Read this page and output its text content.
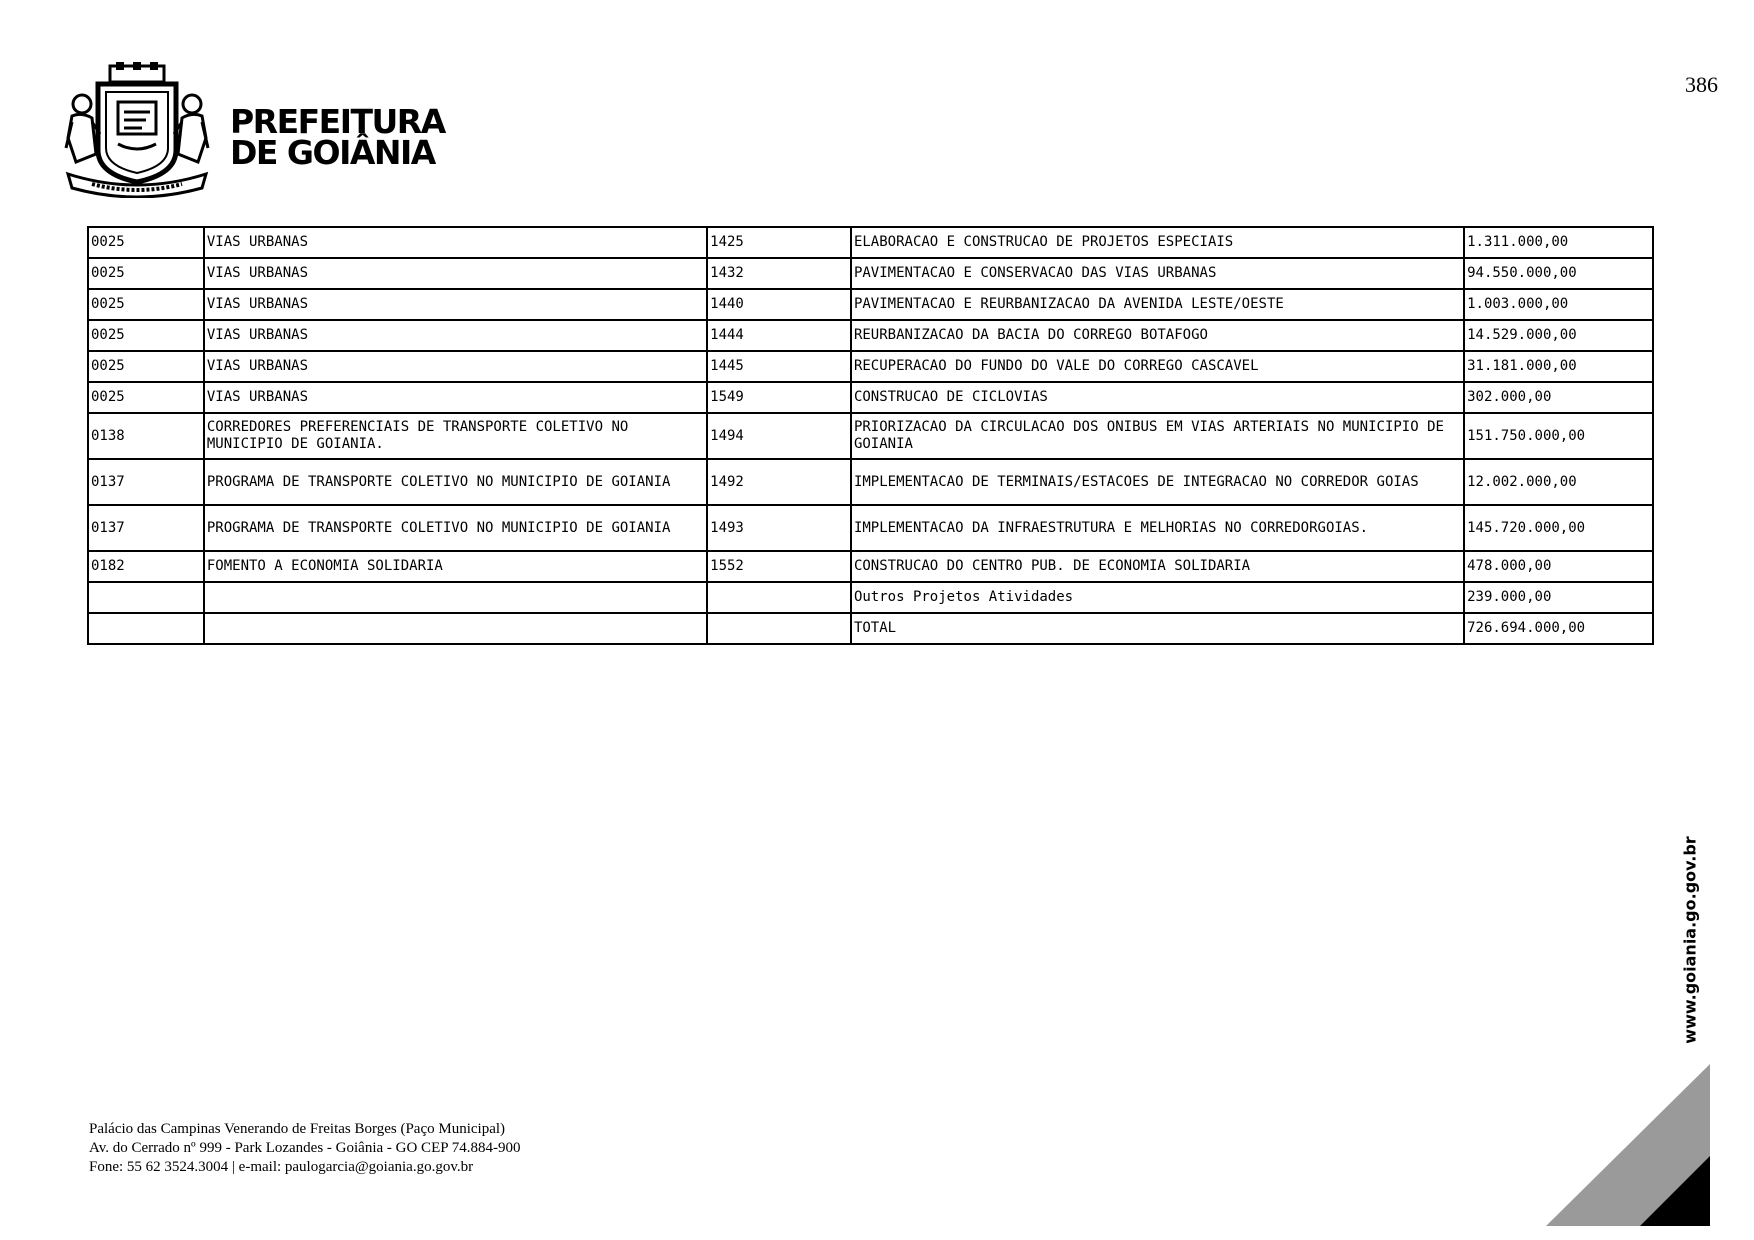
386
PREFEITURA
DE GOIÂNIA
0025	VIAS URBANAS	1425	ELABORACAO E CONSTRUCAO DE PROJETOS ESPECIAIS	1.311.000,00
0025	VIAS URBANAS	1432	PAVIMENTACAO E CONSERVACAO DAS VIAS URBANAS	94.550.000,00
0025	VIAS URBANAS	1440	PAVIMENTACAO E REURBANIZACAO DA AVENIDA LESTE/OESTE	1.003.000,00
0025	VIAS URBANAS	1444	REURBANIZACAO DA BACIA DO CORREGO BOTAFOGO	14.529.000,00
0025	VIAS URBANAS	1445	RECUPERACAO DO FUNDO DO VALE DO CORREGO CASCAVEL	31.181.000,00
0025	VIAS URBANAS	1549	CONSTRUCAO DE CICLOVIAS	302.000,00
0138	CORREDORES PREFERENCIAIS DE TRANSPORTE COLETIVO NO MUNICIPIO DE GOIANIA.	1494	PRIORIZACAO DA CIRCULACAO DOS ONIBUS EM VIAS ARTERIAIS NO MUNICIPIO DE GOIANIA	151.750.000,00
0137	PROGRAMA DE TRANSPORTE COLETIVO NO MUNICIPIO DE GOIANIA	1492	IMPLEMENTACAO DE TERMINAIS/ESTACOES DE INTEGRACAO NO CORREDOR GOIAS	12.002.000,00
0137	PROGRAMA DE TRANSPORTE COLETIVO NO MUNICIPIO DE GOIANIA	1493	IMPLEMENTACAO DA INFRAESTRUTURA E MELHORIAS NO CORREDORGOIAS.	145.720.000,00
0182	FOMENTO A ECONOMIA SOLIDARIA	1552	CONSTRUCAO DO CENTRO PUB. DE ECONOMIA SOLIDARIA	478.000,00
			Outros Projetos Atividades	239.000,00
			TOTAL	726.694.000,00
www.goiania.go.gov.br
Palácio das Campinas Venerando de Freitas Borges (Paço Municipal)
Av. do Cerrado nº 999 - Park Lozandes - Goiânia - GO CEP 74.884-900
Fone: 55 62 3524.3004 | e-mail: paulogarcia@goiania.go.gov.br
